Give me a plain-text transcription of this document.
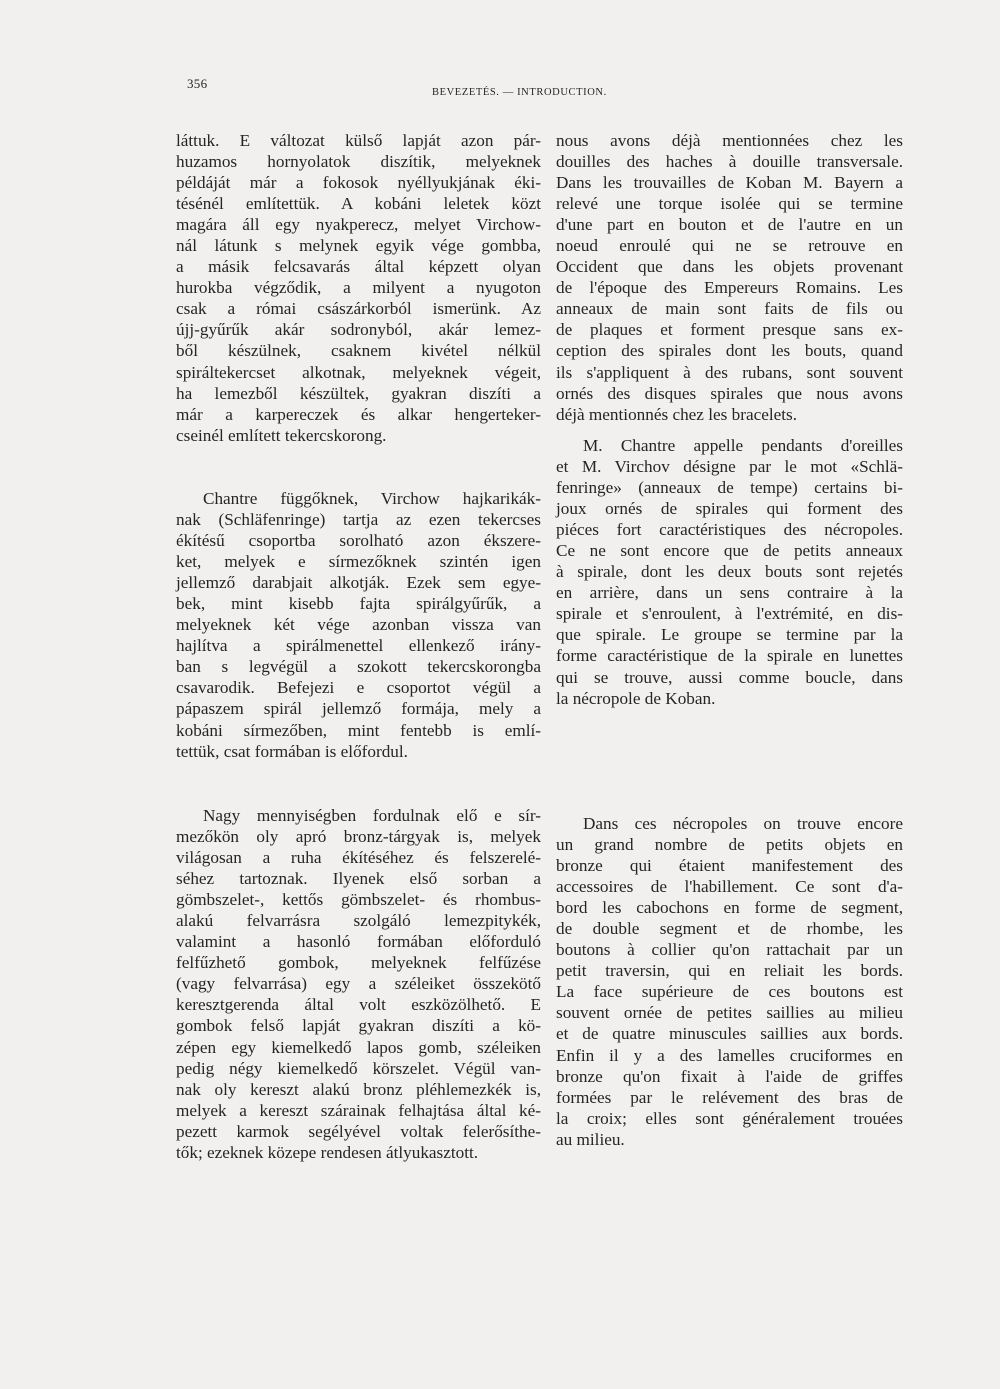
356
BEVEZETÉS. — INTRODUCTION.
láttuk. E változat külső lapját azon pár-
huzamos hornyolatok diszítik, melyeknek
példáját már a fokosok nyéllyukjának éki-
tésénél említettük. A kobáni leletek közt
magára áll egy nyakperecz, melyet Virchow-
nál látunk s melynek egyik vége gombba,
a másik felcsavarás által képzett olyan
hurokba végződik, a milyent a nyugoton
csak a római császárkorból ismerünk. Az
újj-gyűrűk akár sodronyból, akár lemez-
ből készülnek, csaknem kivétel nélkül
spiráltekercset alkotnak, melyeknek végeit,
ha lemezből készültek, gyakran diszíti a
már a karpereczek és alkar hengerteker-
cseinél említett tekercskorong.
Chantre függőknek, Virchow hajkarikák-
nak (Schläfenringe) tartja az ezen tekercses
ékítésű csoportba sorolható azon ékszere-
ket, melyek e sírmezőknek szintén igen
jellemző darabjait alkotják. Ezek sem egye-
bek, mint kisebb fajta spirálgyűrűk, a
melyeknek két vége azonban vissza van
hajlítva a spirálmenettel ellenkező irány-
ban s legvégül a szokott tekercskorongba
csavarodik. Befejezi e csoportot végül a
pápaszem spirál jellemző formája, mely a
kobáni sírmezőben, mint fentebb is emlí-
tettük, csat formában is előfordul.
Nagy mennyiségben fordulnak elő e sír-
mezőkön oly apró bronz-tárgyak is, melyek
világosan a ruha ékítéséhez és felszerelé-
séhez tartoznak. Ilyenek első sorban a
gömbszelet-, kettős gömbszelet- és rhombus-
alakú felvarrásra szolgáló lemezpitykék,
valamint a hasonló formában előforduló
felfűzhető gombok, melyeknek felfűzése
(vagy felvarrása) egy a széleiket összekötő
keresztgerenda által volt eszközölhető. E
gombok felső lapját gyakran diszíti a kö-
zépen egy kiemelkedő lapos gomb, széleiken
pedig négy kiemelkedő körszelet. Végül van-
nak oly kereszt alakú bronz pléhlemezkék is,
melyek a kereszt szárainak felhajtása által ké-
pezett karmok segélyével voltak felerősíthe-
tők; ezeknek közepe rendesen átlyukasztott.
nous avons déjà mentionnées chez les
douilles des haches à douille transversale.
Dans les trouvailles de Koban M. Bayern a
relevé une torque isolée qui se termine
d'une part en bouton et de l'autre en un
noeud enroulé qui ne se retrouve en
Occident que dans les objets provenant
de l'époque des Empereurs Romains. Les
anneaux de main sont faits de fils ou
de plaques et forment presque sans ex-
ception des spirales dont les bouts, quand
ils s'appliquent à des rubans, sont souvent
ornés des disques spirales que nous avons
déjà mentionnés chez les bracelets.
M. Chantre appelle pendants d'oreilles
et M. Virchov désigne par le mot «Schlä-
fenringe» (anneaux de tempe) certains bi-
joux ornés de spirales qui forment des
piéces fort caractéristiques des nécropoles.
Ce ne sont encore que de petits anneaux
à spirale, dont les deux bouts sont rejetés
en arrière, dans un sens contraire à la
spirale et s'enroulent, à l'extrémité, en dis-
que spirale. Le groupe se termine par la
forme caractéristique de la spirale en lunettes
qui se trouve, aussi comme boucle, dans
la nécropole de Koban.
Dans ces nécropoles on trouve encore
un grand nombre de petits objets en
bronze qui étaient manifestement des
accessoires de l'habillement. Ce sont d'a-
bord les cabochons en forme de segment,
de double segment et de rhombe, les
boutons à collier qu'on rattachait par un
petit traversin, qui en reliait les bords.
La face supérieure de ces boutons est
souvent ornée de petites saillies au milieu
et de quatre minuscules saillies aux bords.
Enfin il y a des lamelles cruciformes en
bronze qu'on fixait à l'aide de griffes
formées par le relévement des bras de
la croix; elles sont généralement trouées
au milieu.
